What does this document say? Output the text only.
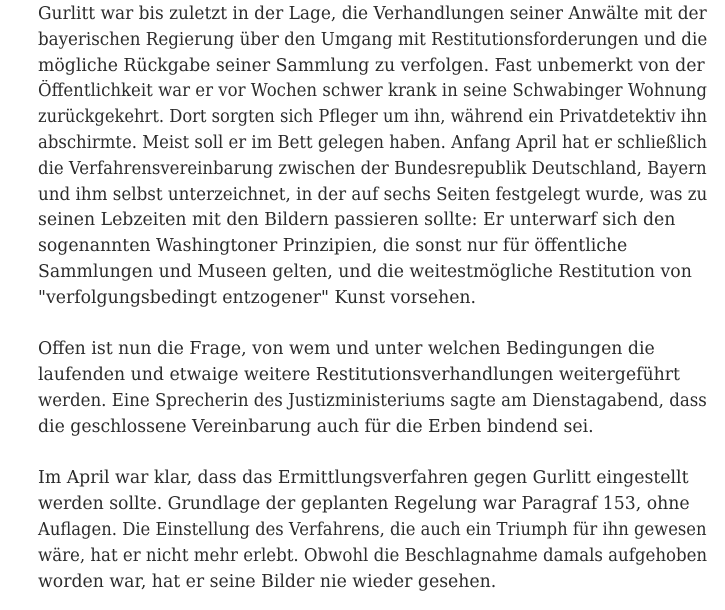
Gurlitt war bis zuletzt in der Lage, die Verhandlungen seiner Anwälte mit der
bayerischen Regierung über den Umgang mit Restitutionsforderungen und die
mögliche Rückgabe seiner Sammlung zu verfolgen. Fast unbemerkt von der
Öffentlichkeit war er vor Wochen schwer krank in seine Schwabinger Wohnung
zurückgekehrt. Dort sorgten sich Pfleger um ihn, während ein Privatdetektiv ihn
abschirmte. Meist soll er im Bett gelegen haben. Anfang April hat er schließlich
die Verfahrensvereinbarung zwischen der Bundesrepublik Deutschland, Bayern
und ihm selbst unterzeichnet, in der auf sechs Seiten festgelegt wurde, was zu
seinen Lebzeiten mit den Bildern passieren sollte: Er unterwarf sich den
sogenannten Washingtoner Prinzipien, die sonst nur für öffentliche
Sammlungen und Museen gelten, und die weitestmögliche Restitution von
"verfolgungsbedingt entzogener" Kunst vorsehen.

Offen ist nun die Frage, von wem und unter welchen Bedingungen die
laufenden und etwaige weitere Restitutionsverhandlungen weitergeführt
werden. Eine Sprecherin des Justizministeriums sagte am Dienstagabend, dass
die geschlossene Vereinbarung auch für die Erben bindend sei.

Im April war klar, dass das Ermittlungsverfahren gegen Gurlitt eingestellt
werden sollte. Grundlage der geplanten Regelung war Paragraf 153, ohne
Auflagen. Die Einstellung des Verfahrens, die auch ein Triumph für ihn gewesen
wäre, hat er nicht mehr erlebt. Obwohl die Beschlagnahme damals aufgehoben
worden war, hat er seine Bilder nie wieder gesehen.
